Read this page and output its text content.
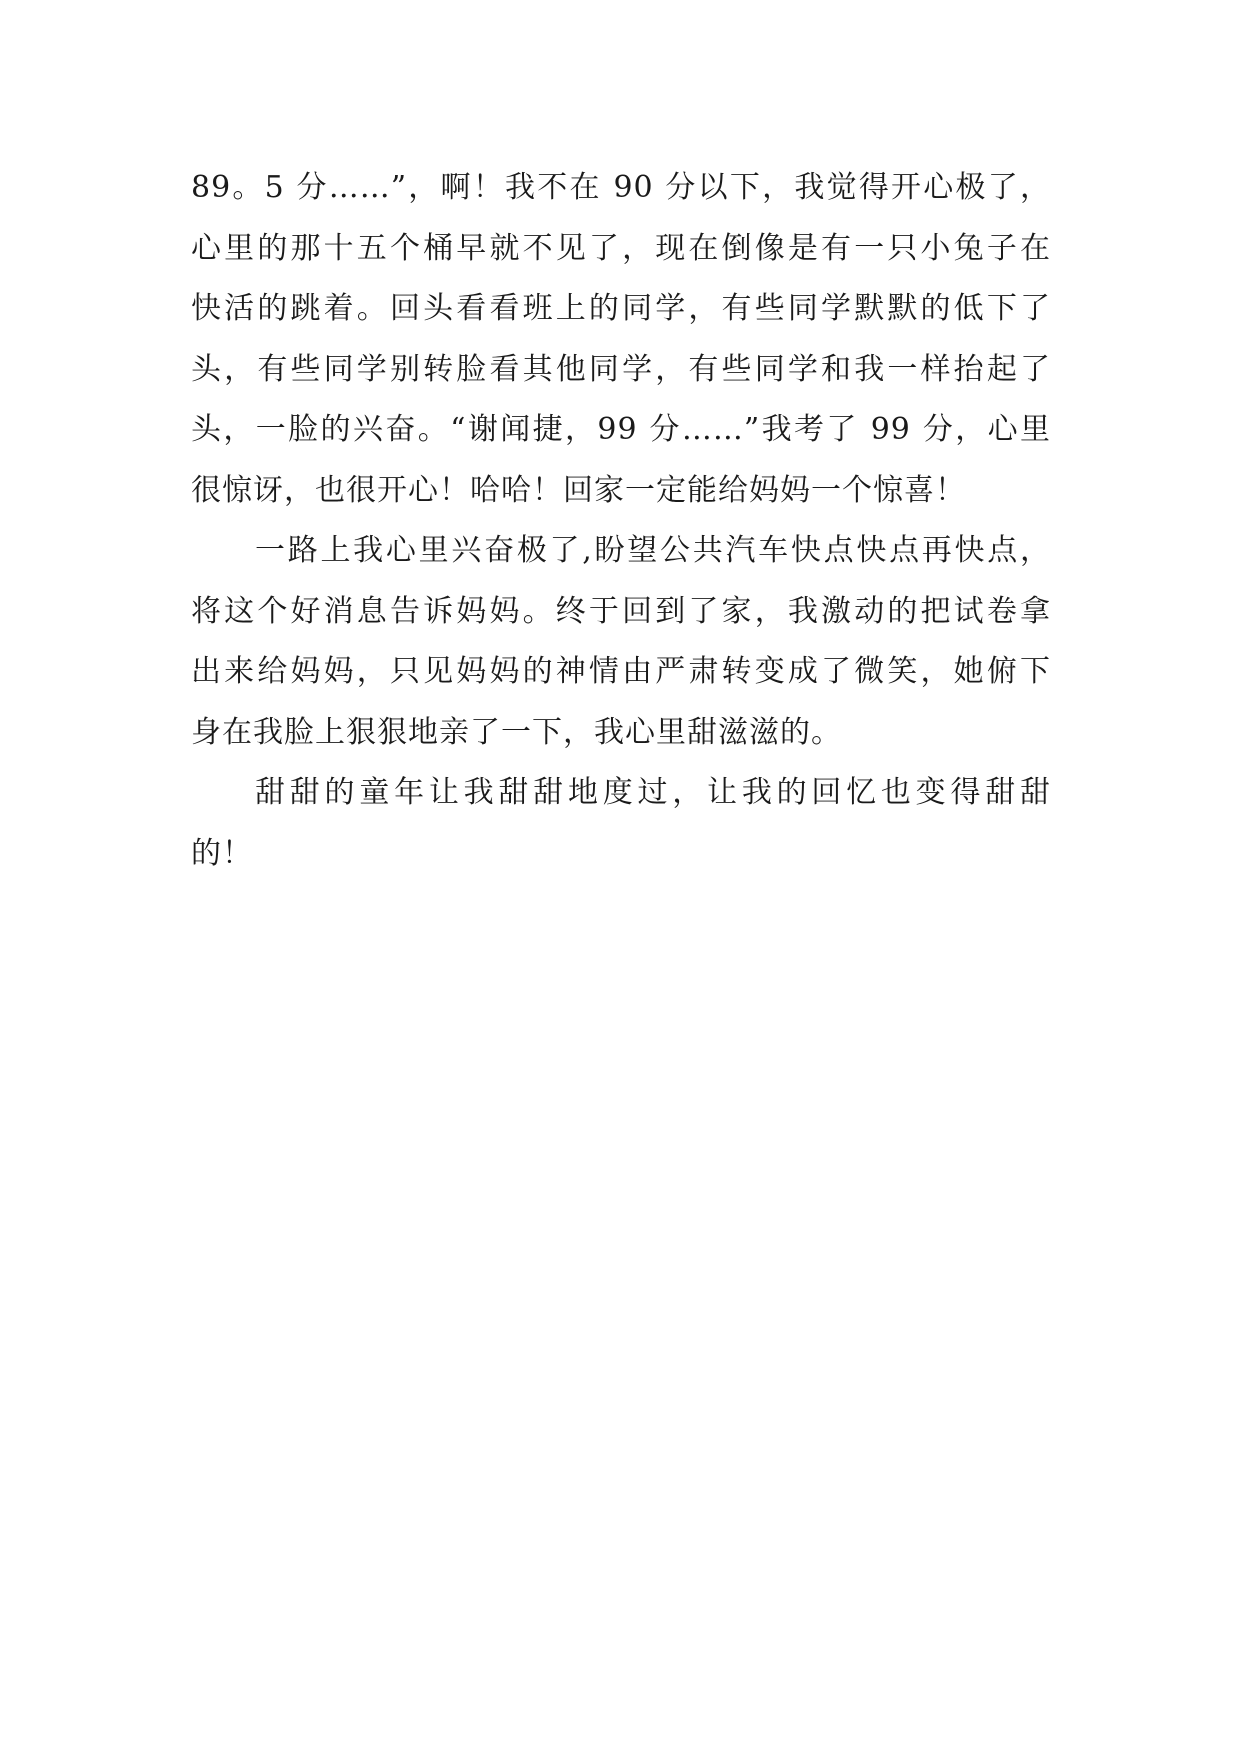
89。5 分……”，啊！我不在 90 分以下，我觉得开心极了，
心里的那十五个桶早就不见了，现在倒像是有一只小兔子在
快活的跳着。回头看看班上的同学，有些同学默默的低下了
头，有些同学别转脸看其他同学，有些同学和我一样抬起了
头，一脸的兴奋。“谢闻捷，99 分……”我考了 99 分，心里
很惊讶，也很开心！哈哈！回家一定能给妈妈一个惊喜！
一路上我心里兴奋极了,盼望公共汽车快点快点再快点，
将这个好消息告诉妈妈。终于回到了家，我激动的把试卷拿
出来给妈妈，只见妈妈的神情由严肃转变成了微笑，她俯下
身在我脸上狠狠地亲了一下，我心里甜滋滋的。
甜甜的童年让我甜甜地度过，让我的回忆也变得甜甜
的！
